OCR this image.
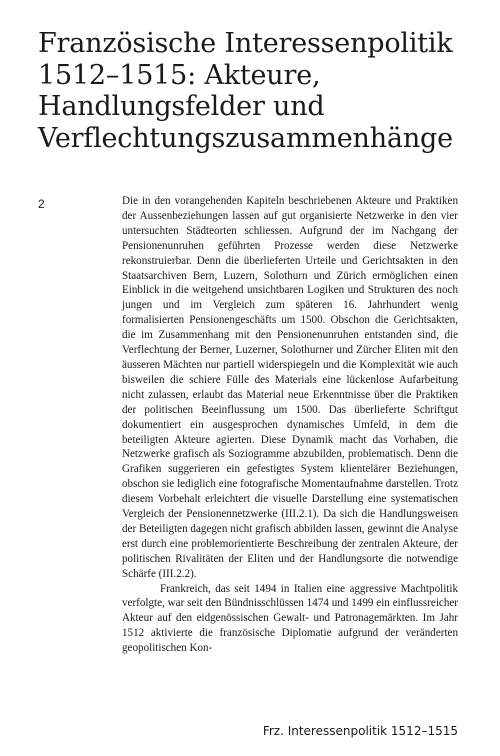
Französische Interessenpolitik 1512–1515: Akteure, Handlungsfelder und Verflechtungszusammenhänge
2	Die in den vorangehenden Kapiteln beschriebenen Akteure und Praktiken der Aussenbeziehungen lassen auf gut organisierte Netzwerke in den vier untersuchten Städteorten schliessen. Aufgrund der im Nachgang der Pensionenunruhen geführten Prozesse werden diese Netzwerke rekonstruierbar. Denn die überlieferten Urteile und Gerichtsakten in den Staatsarchiven Bern, Luzern, Solothurn und Zürich ermöglichen einen Einblick in die weitgehend unsichtbaren Logiken und Strukturen des noch jungen und im Vergleich zum späteren 16. Jahrhundert wenig formalisierten Pensionengeschäfts um 1500. Obschon die Gerichtsakten, die im Zusammenhang mit den Pensionenunruhen entstanden sind, die Verflechtung der Berner, Luzerner, Solothurner und Zürcher Eliten mit den äusseren Mächten nur partiell widerspiegeln und die Komplexität wie auch bisweilen die schiere Fülle des Materials eine lückenlose Aufarbeitung nicht zulassen, erlaubt das Material neue Erkenntnisse über die Praktiken der politischen Beeinflussung um 1500. Das überlieferte Schriftgut dokumentiert ein ausgesprochen dynamisches Umfeld, in dem die beteiligten Akteure agierten. Diese Dynamik macht das Vorhaben, die Netzwerke grafisch als Soziogramme abzubilden, problematisch. Denn die Grafiken suggerieren ein gefestigtes System klientelärer Beziehungen, obschon sie lediglich eine fotografische Momentaufnahme darstellen. Trotz diesem Vorbehalt erleichtert die visuelle Darstellung eine systematischen Vergleich der Pensionennetzwerke (III.2.1). Da sich die Handlungsweisen der Beteiligten dagegen nicht grafisch abbilden lassen, gewinnt die Analyse erst durch eine problemorientierte Beschreibung der zentralen Akteure, der politischen Rivalitäten der Eliten und der Handlungsorte die notwendige Schärfe (III.2.2).

Frankreich, das seit 1494 in Italien eine aggressive Machtpolitik verfolgte, war seit den Bündnisschlüssen 1474 und 1499 ein einflussreicher Akteur auf den eidgenössischen Gewalt- und Patronagemärkten. Im Jahr 1512 aktivierte die französische Diplomatie aufgrund der veränderten geopolitischen Kon-

Frz. Interessenpolitik 1512–1515
